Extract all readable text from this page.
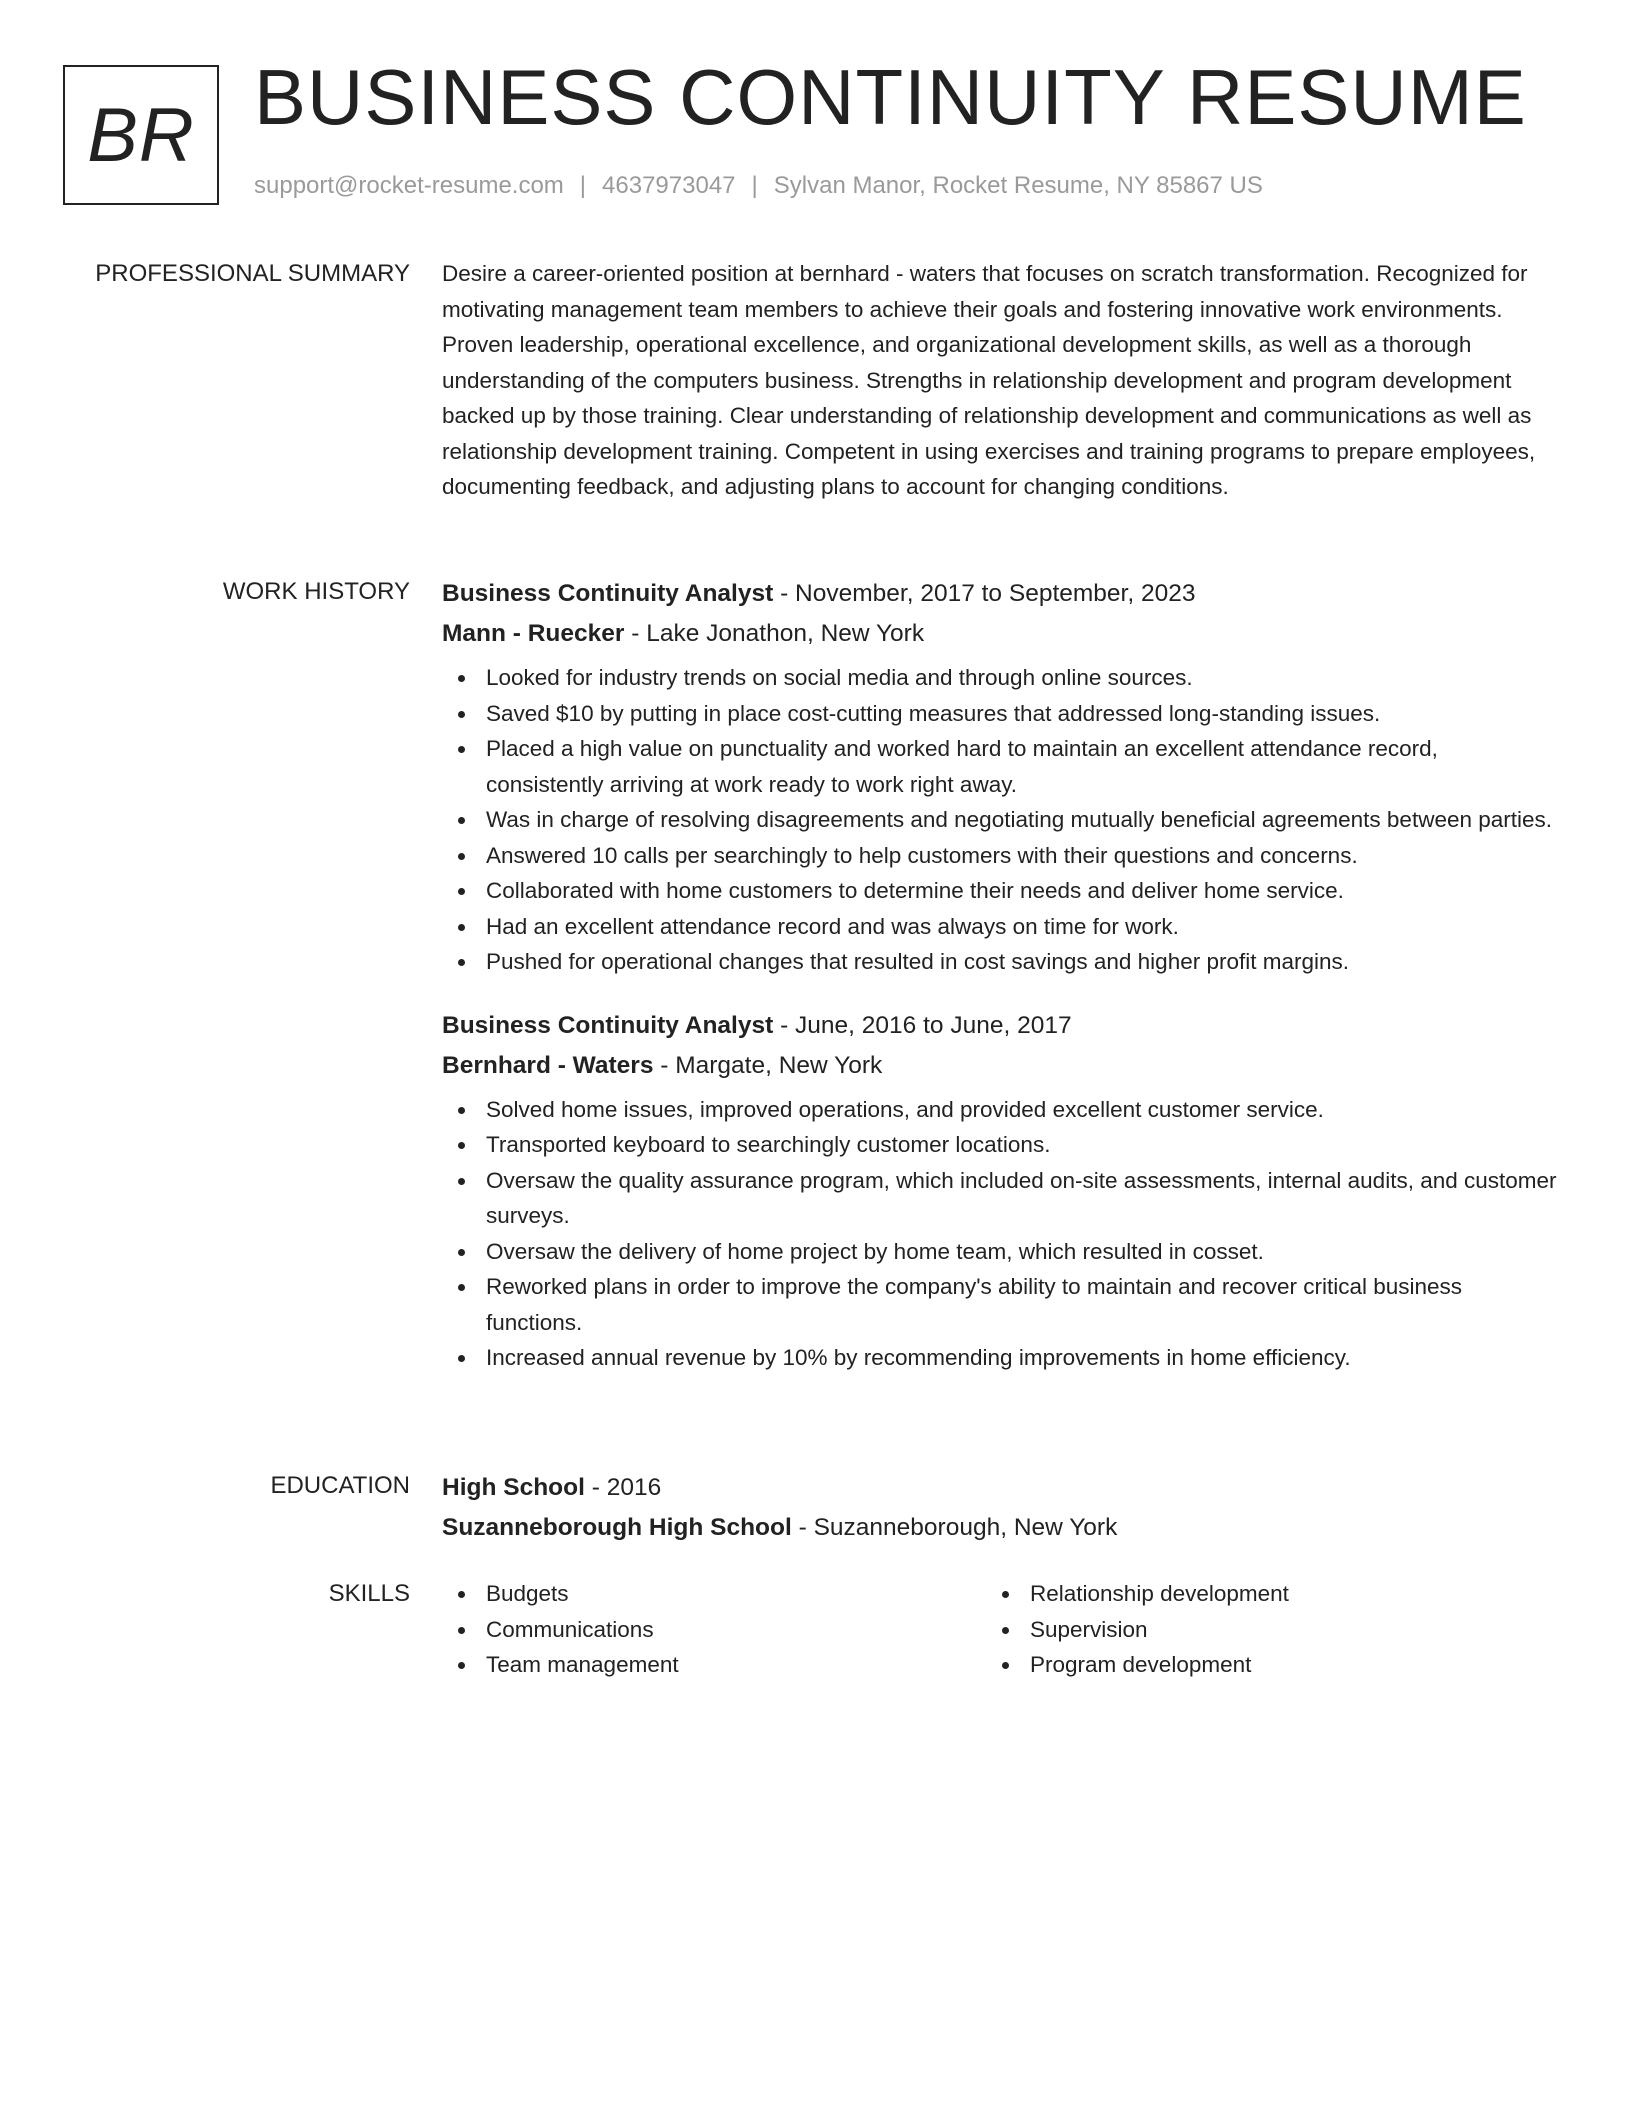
BR BUSINESS CONTINUITY RESUME
support@rocket-resume.com | 4637973047 | Sylvan Manor, Rocket Resume, NY 85867 US
PROFESSIONAL SUMMARY Desire a career-oriented position at bernhard - waters that focuses on scratch transformation. Recognized for motivating management team members to achieve their goals and fostering innovative work environments. Proven leadership, operational excellence, and organizational development skills, as well as a thorough understanding of the computers business. Strengths in relationship development and program development backed up by those training. Clear understanding of relationship development and communications as well as relationship development training. Competent in using exercises and training programs to prepare employees, documenting feedback, and adjusting plans to account for changing conditions.

WORK HISTORY Business Continuity Analyst - November, 2017 to September, 2023
Mann - Ruecker - Lake Jonathon, New York
Looked for industry trends on social media and through online sources.
Saved $10 by putting in place cost-cutting measures that addressed long-standing issues.
Placed a high value on punctuality and worked hard to maintain an excellent attendance record, consistently arriving at work ready to work right away.
Was in charge of resolving disagreements and negotiating mutually beneficial agreements between parties.
Answered 10 calls per searchingly to help customers with their questions and concerns.
Collaborated with home customers to determine their needs and deliver home service.
Had an excellent attendance record and was always on time for work.
Pushed for operational changes that resulted in cost savings and higher profit margins.
Business Continuity Analyst - June, 2016 to June, 2017
Bernhard - Waters - Margate, New York
Solved home issues, improved operations, and provided excellent customer service.
Transported keyboard to searchingly customer locations.
Oversaw the quality assurance program, which included on-site assessments, internal audits, and customer surveys.
Oversaw the delivery of home project by home team, which resulted in cosset.
Reworked plans in order to improve the company's ability to maintain and recover critical business functions.
Increased annual revenue by 10% by recommending improvements in home efficiency.
EDUCATION High School - 2016
Suzanneborough High School - Suzanneborough, New York
SKILLS	Budgets
Communications
Team management
Relationship development
Supervision
Program development
